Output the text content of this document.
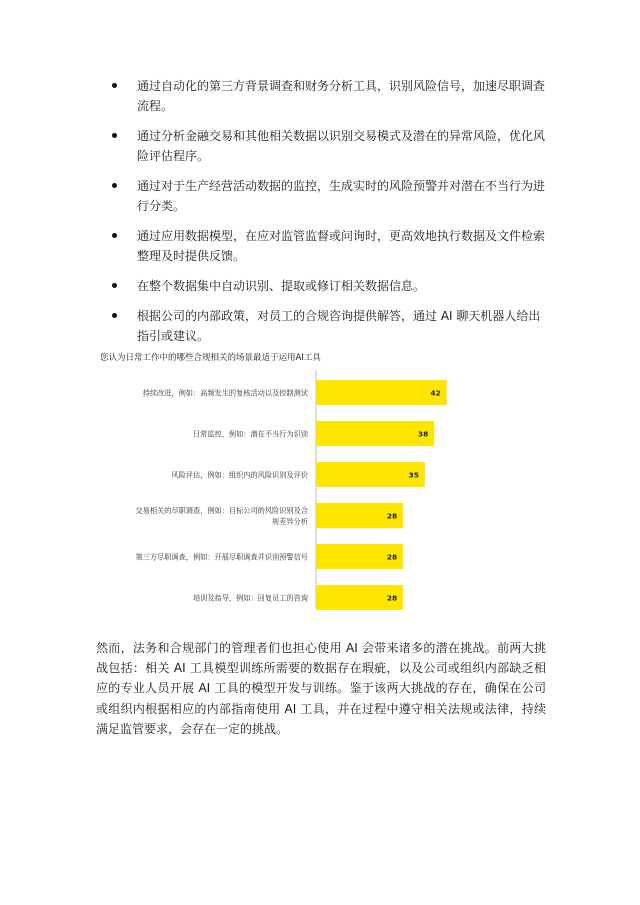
通过自动化的第三方背景调查和财务分析工具，识别风险信号，加速尽职调查流程。
通过分析金融交易和其他相关数据以识别交易模式及潜在的异常风险，优化风险评估程序。
通过对于生产经营活动数据的监控，生成实时的风险预警并对潜在不当行为进行分类。
通过应用数据模型，在应对监管监督或问询时，更高效地执行数据及文件检索整理及时提供反馈。
在整个数据集中自动识别、提取或修订相关数据信息。
根据公司的内部政策，对员工的合规咨询提供解答，通过 AI 聊天机器人给出指引或建议。
您认为日常工作中的哪些合规相关的场景最适于运用AI工具
42
持续改进，例如：高频发生的复核活动以及控制测试
38
日常监控，例如：潜在不当行为识别
35
风险评估，例如：组织内的风险识别及评价
28
交易相关的尽职调查，例如：目标公司的风险识别及合
规差异分析
28
第三方尽职调查，例如：开展尽职调查并识别预警信号
28
培训及指导，例如：回复员工的咨询

然而，法务和合规部门的管理者们也担心使用 AI 会带来诸多的潜在挑战。前两大挑战包括：相关 AI 工具模型训练所需要的数据存在瑕疵，以及公司或组织内部缺乏相应的专业人员开展 AI 工具的模型开发与训练。鉴于该两大挑战的存在，确保在公司或组织内根据相应的内部指南使用 AI 工具，并在过程中遵守相关法规或法律，持续满足监管要求，会存在一定的挑战。
